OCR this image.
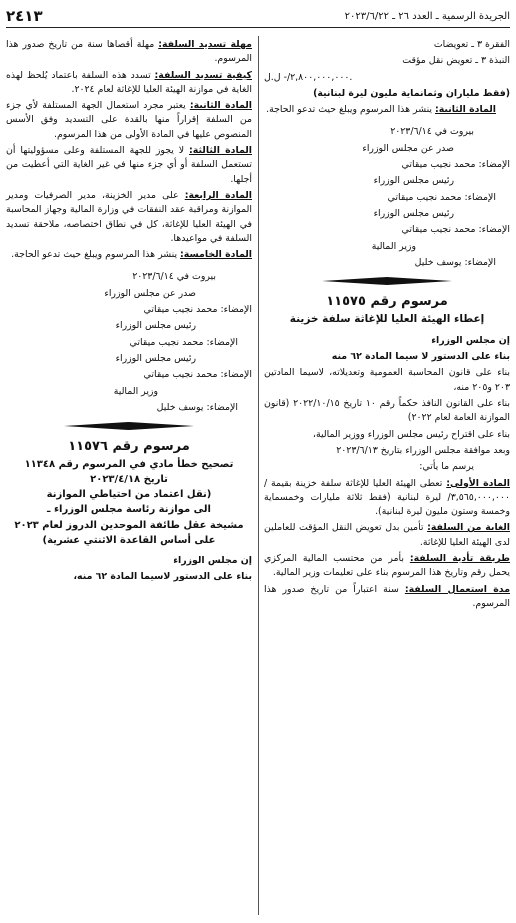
الجريدة الرسمية ـ العدد ٢٦ ـ ٢٠٢٣/٦/٢٢
٢٤١٣
الفقرة ٣ ـ تعويضات
النبذة ٣ ـ تعويض نقل مؤقت
٢,٨٠٠,٠٠٠,٠٠٠/- ل.ل.
(فقط ملياران وثمانماية مليون ليرة لبنانية)
المادة الثانية: ينشر هذا المرسوم ويبلغ حيث تدعو الحاجة.
بيروت في ٢٠٢٣/٦/١٤
صدر عن مجلس الوزراء
الإمضاء: محمد نجيب ميقاتي
رئيس مجلس الوزراء
الإمضاء: محمد نجيب ميقاتي
رئيس مجلس الوزراء
الإمضاء: محمد نجيب ميقاتي
وزير المالية
الإمضاء: يوسف خليل
مرسوم رقم ١١٥٧٥
إعطاء الهيئة العليا للإغاثة سلفة خزينة
إن مجلس الوزراء
بناء على الدستور لا سيما المادة ٦٢ منه
بناء على قانون المحاسبة العمومية وتعديلاته، لاسيما المادتين ٢٠٣ و٢٠٥ منه،
بناء على القانون النافذ حكماً رقم ١٠ تاريخ ٢٠٢٢/١٠/١٥ (قانون الموازنة العامة لعام ٢٠٢٢)
بناء على اقتراح رئيس مجلس الوزراء ووزير المالية،
وبعد موافقة مجلس الوزراء بتاريخ ٢٠٢٣/٦/١٣
يرسم ما يأتي:
المادة الأولى: تعطى الهيئة العليا للإغاثة سلفة خزينة بقيمة /٣,٥٦٥,٠٠٠,٠٠٠/ ليرة لبنانية (فقط ثلاثة مليارات وخمسماية وخمسة وستون مليون ليرة لبنانية).
الغاية من السلفة: تأمين بدل تعويض النقل المؤقت للعاملين لدى الهيئة العليا للإغاثة.
طريقة تأدية السلفة: بأمر من محتسب المالية المركزي يحمل رقم وتاريخ هذا المرسوم بناء على تعليمات وزير المالية.
مدة استعمال السلفة: سنة اعتباراً من تاريخ صدور هذا المرسوم.
مهلة تسديد السلفة: مهلة أقصاها سنة من تاريخ صدور هذا المرسوم.
كيفية تسديد السلفة: تسدد هذه السلفة باعتماد يُلحظ لهذه الغاية في موازنة الهيئة العليا للإغاثة لعام ٢٠٢٤.
المادة الثانية: يعتبر مجرد استعمال الجهة المستلفة لأي جزء من السلفة إقراراً منها بالقدة على التسديد وفق الأسس المنصوص عليها في المادة الأولى من هذا المرسوم.
المادة الثالثة: لا يجوز للجهة المستلفة وعلى مسؤوليتها أن تستعمل السلفة أو أي جزء منها في غير الغاية التي أعطيت من أجلها.
المادة الرابعة: على مدير الخزينة، مدير الصرفيات ومدير الموازنة ومراقبة عقد النفقات في وزارة المالية وجهاز المحاسبة في الهيئة العليا للإغاثة، كل في نطاق اختصاصه، ملاحقة تسديد السلفة في مواعيدها.
المادة الخامسة: ينشر هذا المرسوم ويبلغ حيث تدعو الحاجة.
بيروت في ٢٠٢٣/٦/١٤
صدر عن مجلس الوزراء
الإمضاء: محمد نجيب ميقاتي
رئيس مجلس الوزراء
الإمضاء: محمد نجيب ميقاتي
رئيس مجلس الوزراء
الإمضاء: محمد نجيب ميقاتي
وزير المالية
الإمضاء: يوسف خليل
مرسوم رقم ١١٥٧٦
تصحيح خطأ مادي في المرسوم رقم ١١٣٤٨
تاريخ ٢٠٢٣/٤/١٨
(نقل اعتماد من احتياطي الموازنة
الى موازنة رئاسة مجلس الوزراء ـ
مشيخة عقل طائفة الموحدين الدروز لعام ٢٠٢٣
على أساس القاعدة الاثنتي عشرية)
إن مجلس الوزراء
بناء على الدستور لاسيما المادة ٦٢ منه،
